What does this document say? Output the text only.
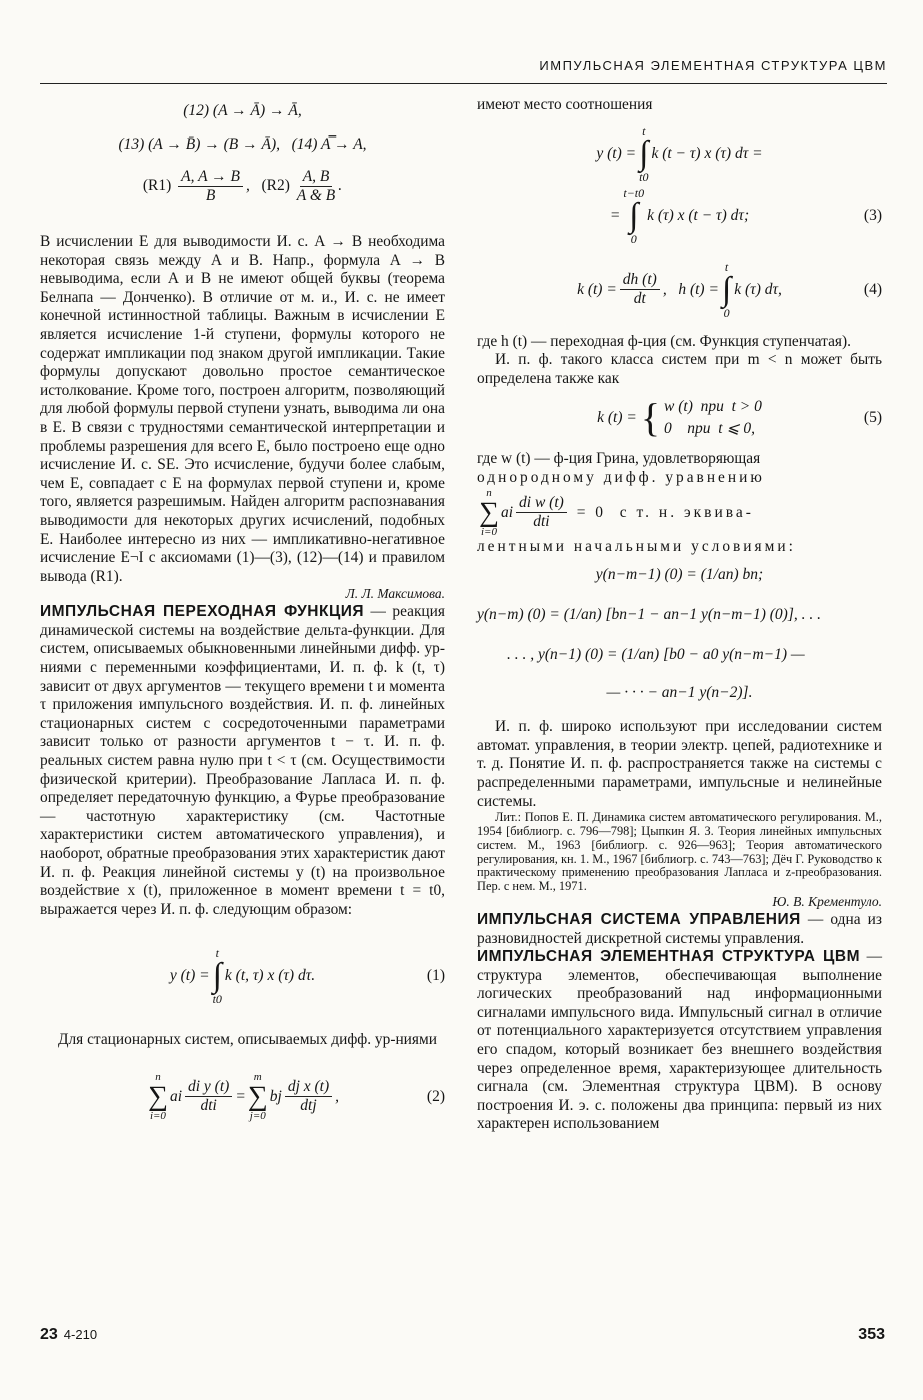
ИМПУЛЬСНАЯ ЭЛЕМЕНТНАЯ СТРУКТУРА ЦВМ
(12) (A → Ā) → Ā,
(13) (A → B̄) → (B → Ā), (14) A̿ → A,
$(R1) \frac{A, A \to B}{B}$ ,   $(R2) \frac{A, B}{A \& B}$ .

В исчислении E для выводимости И. с. A → B необходима некоторая связь между A и B. Напр., формула A → B невыводима, если A и B не имеют общей буквы (теорема Белнапа — Донченко). В отличие от м. и., И. с. не имеет конечной истинностной таблицы. Важным в исчислении E является исчисление 1-й ступени, формулы которого не содержат импликации под знаком другой импликации. Такие формулы допускают довольно простое семантическое истолкование. Кроме того, построен алгоритм, позволяющий для любой формулы первой ступени узнать, выводима ли она в E. В связи с трудностями семантической интерпретации и проблемы разрешения для всего E, было построено еще одно исчисление И. с. SE. Это исчисление, будучи более слабым, чем E, совпадает с E на формулах первой ступени и, кроме того, является разрешимым. Найден алгоритм распознавания выводимости для некоторых других исчислений, подобных E. Наиболее интересно из них — импликативно-негативное исчисление E¬I с аксиомами (1)—(3), (12)—(14) и правилом вывода (R1).

Л. Л. Максимова.

ИМПУЛЬСНАЯ ПЕРЕХОДНАЯ ФУНКЦИЯ — реакция динамической системы на воздействие дельта-функции. Для систем, описываемых обыкновенными линейными дифф. ур-ниями с переменными коэффициентами, И. п. ф. k (t, τ) зависит от двух аргументов — текущего времени t и момента τ приложения импульсного воздействия. И. п. ф. линейных стационарных систем с сосредоточенными параметрами зависит только от разности аргументов t − τ. И. п. ф. реальных систем равна нулю при t < τ (см. Осуществимости физической критерии). Преобразование Лапласа И. п. ф. определяет передаточную функцию, а Фурье преобразование — частотную характеристику (см. Частотные характеристики систем автоматического управления), и наоборот, обратные преобразования этих характеристик дают И. п. ф. Реакция линейной системы y (t) на произвольное воздействие x (t), приложенное в момент времени t = t0, выражается через И. п. ф. следующим образом:

y (t) =
t
∫
t0
k (t, τ) x (τ) dτ.	(1)

Для стационарных систем, описываемых дифф. ур-ниями

n
∑
i=0
ai $\frac{\text{di y (t)}}{\text{dti}}$ =
m
∑
j=0
bj $\frac{\text{dj x (t)}}{\text{dtj}}$ ,	(2)

имеют место соотношения

y (t) =
t
∫
t0
k (t − τ) x (τ) dτ =
=
t−t0
∫
0
k (τ) x (t − τ) dτ;	(3)
k $(t) = \frac{dh (t)}{dt}$ ,   h (t) =
t
∫
0
k (τ) dτ,	(4)

где h (t) — переходная ф-ция (см. Функция ступенчатая).

И. п. ф. такого класса систем при m < n может быть определена также как

k (t) = { w (t)  при  t > 0
0    при  t ⩽ 0,
(5)

где w (t) — ф-ция Грина, удовлетворяющая

однородному дифф. уравнению

n
∑
i=0
ai $\frac{\text{di w (t)}}{\text{dti}} = 0$  с т. н. эквива-

лентными начальными условиями:

y(n−m−1) (0) = (1/an) bn;
y(n−m) (0) = (1/an) [bn−1 − an−1 y(n−m−1) (0)], . . .
. . . , y(n−1) (0) = (1/an) [b0 − a0 y(n−m−1) —
— · · · − an−1 y(n−2)].

И. п. ф. широко используют при исследовании систем автомат. управления, в теории электр. цепей, радиотехнике и т. д. Понятие И. п. ф. распространяется также на системы с распределенными параметрами, импульсные и нелинейные системы.

Лит.: Попов Е. П. Динамика систем автоматического регулирования. М., 1954 [библиогр. с. 796—798]; Цыпкин Я. З. Теория линейных импульсных систем. М., 1963 [библиогр. с. 926—963]; Теория автоматического регулирования, кн. 1. М., 1967 [библиогр. с. 743—763]; Дёч Г. Руководство к практическому применению преобразования Лапласа и z-преобразования. Пер. с нем. М., 1971.

Ю. В. Крементуло.

ИМПУЛЬСНАЯ СИСТЕМА УПРАВЛЕНИЯ — одна из разновидностей дискретной системы управления.

ИМПУЛЬСНАЯ ЭЛЕМЕНТНАЯ СТРУКТУРА ЦВМ — структура элементов, обеспечивающая выполнение логических преобразований над информационными сигналами импульсного вида. Импульсный сигнал в отличие от потенциального характеризуется отсутствием управления его спадом, который возникает без внешнего воздействия через определенное время, характеризующее длительность сигнала (см. Элементная структура ЦВМ). В основу построения И. э. с. положены два принципа: первый из них характерен использованием

23 4-210	353
